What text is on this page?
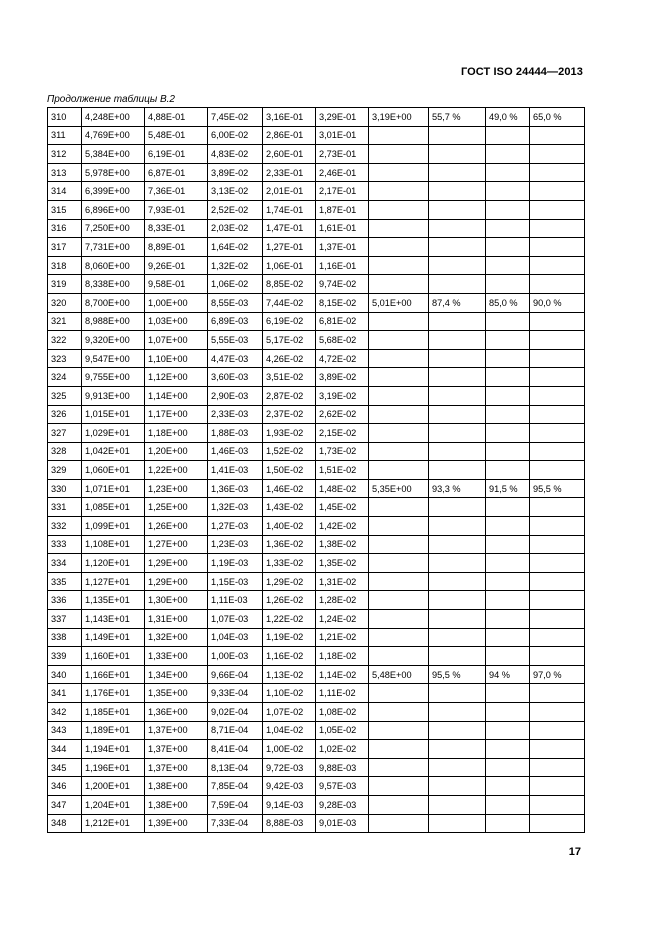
ГОСТ ISO 24444—2013
Продолжение таблицы В.2
310	4,248E+00	4,88E-01	7,45E-02	3,16E-01	3,29E-01	3,19E+00	55,7 %	49,0 %	65,0 %
311	4,769E+00	5,48E-01	6,00E-02	2,86E-01	3,01E-01				
312	5,384E+00	6,19E-01	4,83E-02	2,60E-01	2,73E-01				
313	5,978E+00	6,87E-01	3,89E-02	2,33E-01	2,46E-01				
314	6,399E+00	7,36E-01	3,13E-02	2,01E-01	2,17E-01				
315	6,896E+00	7,93E-01	2,52E-02	1,74E-01	1,87E-01				
316	7,250E+00	8,33E-01	2,03E-02	1,47E-01	1,61E-01				
317	7,731E+00	8,89E-01	1,64E-02	1,27E-01	1,37E-01				
318	8,060E+00	9,26E-01	1,32E-02	1,06E-01	1,16E-01				
319	8,338E+00	9,58E-01	1,06E-02	8,85E-02	9,74E-02				
320	8,700E+00	1,00E+00	8,55E-03	7,44E-02	8,15E-02	5,01E+00	87,4 %	85,0 %	90,0 %
321	8,988E+00	1,03E+00	6,89E-03	6,19E-02	6,81E-02				
322	9,320E+00	1,07E+00	5,55E-03	5,17E-02	5,68E-02				
323	9,547E+00	1,10E+00	4,47E-03	4,26E-02	4,72E-02				
324	9,755E+00	1,12E+00	3,60E-03	3,51E-02	3,89E-02				
325	9,913E+00	1,14E+00	2,90E-03	2,87E-02	3,19E-02				
326	1,015E+01	1,17E+00	2,33E-03	2,37E-02	2,62E-02				
327	1,029E+01	1,18E+00	1,88E-03	1,93E-02	2,15E-02				
328	1,042E+01	1,20E+00	1,46E-03	1,52E-02	1,73E-02				
329	1,060E+01	1,22E+00	1,41E-03	1,50E-02	1,51E-02				
330	1,071E+01	1,23E+00	1,36E-03	1,46E-02	1,48E-02	5,35E+00	93,3 %	91,5 %	95,5 %
331	1,085E+01	1,25E+00	1,32E-03	1,43E-02	1,45E-02				
332	1,099E+01	1,26E+00	1,27E-03	1,40E-02	1,42E-02				
333	1,108E+01	1,27E+00	1,23E-03	1,36E-02	1,38E-02				
334	1,120E+01	1,29E+00	1,19E-03	1,33E-02	1,35E-02				
335	1,127E+01	1,29E+00	1,15E-03	1,29E-02	1,31E-02				
336	1,135E+01	1,30E+00	1,11E-03	1,26E-02	1,28E-02				
337	1,143E+01	1,31E+00	1,07E-03	1,22E-02	1,24E-02				
338	1,149E+01	1,32E+00	1,04E-03	1,19E-02	1,21E-02				
339	1,160E+01	1,33E+00	1,00E-03	1,16E-02	1,18E-02				
340	1,166E+01	1,34E+00	9,66E-04	1,13E-02	1,14E-02	5,48E+00	95,5 %	94 %	97,0 %
341	1,176E+01	1,35E+00	9,33E-04	1,10E-02	1,11E-02				
342	1,185E+01	1,36E+00	9,02E-04	1,07E-02	1,08E-02				
343	1,189E+01	1,37E+00	8,71E-04	1,04E-02	1,05E-02				
344	1,194E+01	1,37E+00	8,41E-04	1,00E-02	1,02E-02				
345	1,196E+01	1,37E+00	8,13E-04	9,72E-03	9,88E-03				
346	1,200E+01	1,38E+00	7,85E-04	9,42E-03	9,57E-03				
347	1,204E+01	1,38E+00	7,59E-04	9,14E-03	9,28E-03				
348	1,212E+01	1,39E+00	7,33E-04	8,88E-03	9,01E-03				
17
